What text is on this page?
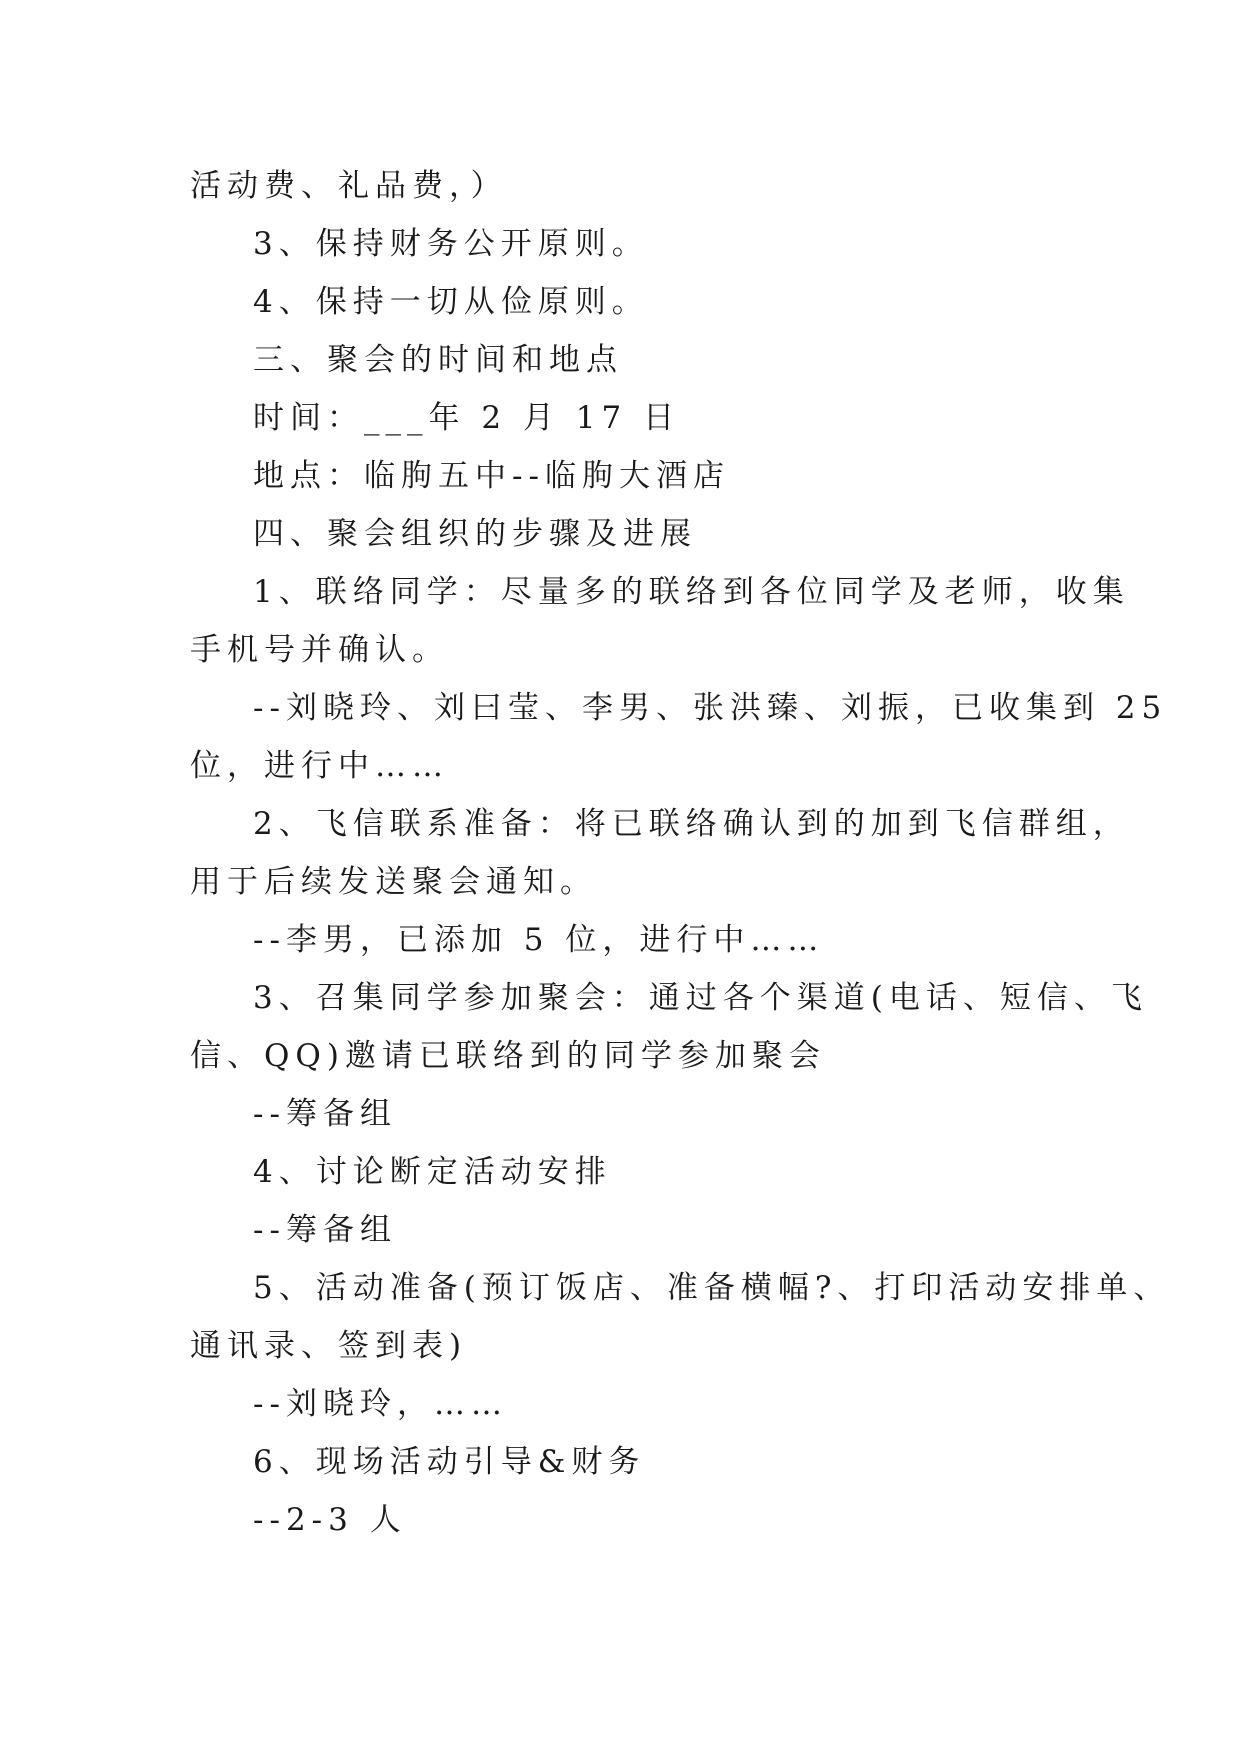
活动费、礼品费，）
3、保持财务公开原则。
4、保持一切从俭原则。
三、聚会的时间和地点
时间：___年 2 月 17 日
地点：临朐五中--临朐大酒店
四、聚会组织的步骤及进展
1、联络同学：尽量多的联络到各位同学及老师，收集
手机号并确认。
--刘晓玲、刘曰莹、李男、张洪臻、刘振，已收集到 25
位，进行中……
2、飞信联系准备：将已联络确认到的加到飞信群组，
用于后续发送聚会通知。
--李男，已添加 5 位，进行中……
3、召集同学参加聚会：通过各个渠道(电话、短信、飞
信、QQ)邀请已联络到的同学参加聚会
--筹备组
4、讨论断定活动安排
--筹备组
5、活动准备(预订饭店、准备横幅?、打印活动安排单、
通讯录、签到表)
--刘晓玲，……
6、现场活动引导&财务
--2-3 人
